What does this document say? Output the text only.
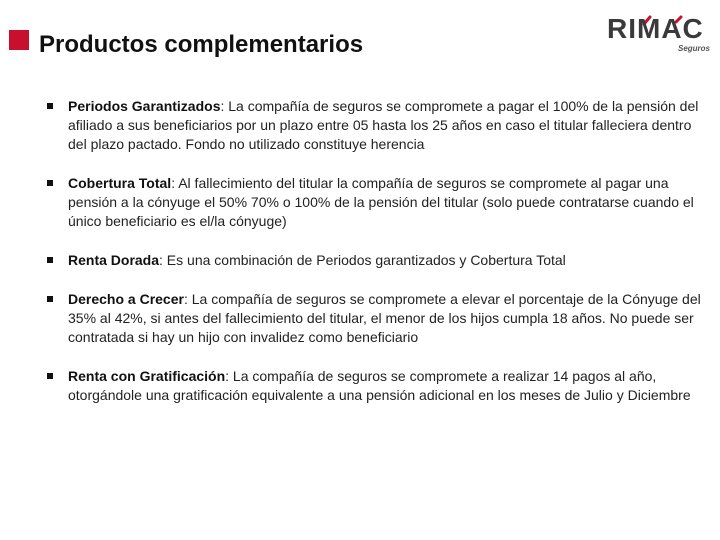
Productos complementarios
RIMAC
Seguros
Periodos Garantizados: La compañía de seguros se compromete a pagar el 100% de la pensión del afiliado a sus beneficiarios por un plazo entre 05 hasta los 25 años en caso el titular falleciera dentro del plazo pactado. Fondo no utilizado constituye herencia
Cobertura Total: Al fallecimiento del titular la compañía de seguros se compromete al pagar una pensión a la cónyuge el 50% 70% o 100% de la pensión del titular (solo puede contratarse cuando el único beneficiario es el/la cónyuge)
Renta Dorada: Es una combinación de Periodos garantizados y Cobertura Total
Derecho a Crecer: La compañía de seguros se compromete a elevar el porcentaje de la Cónyuge del 35% al 42%, si antes del fallecimiento del titular, el menor de los hijos cumpla 18 años. No puede ser contratada si hay un hijo con invalidez como beneficiario
Renta con Gratificación: La compañía de seguros se compromete a realizar 14 pagos al año, otorgándole una gratificación equivalente a una pensión adicional en los meses de Julio y Diciembre
